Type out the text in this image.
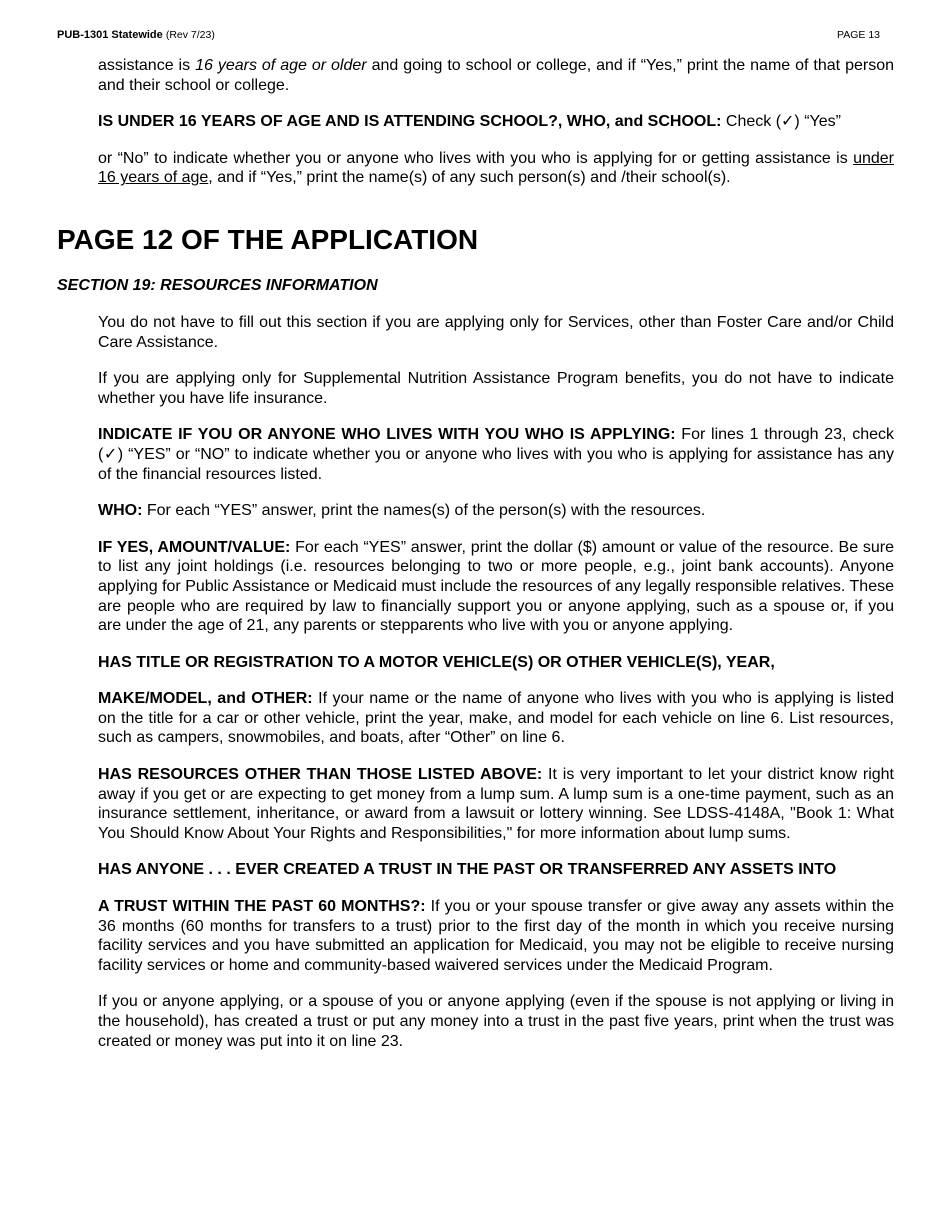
PUB-1301 Statewide (Rev 7/23)	PAGE 13

assistance is 16 years of age or older and going to school or college, and if “Yes,” print the name of that person and their school or college.

IS UNDER 16 YEARS OF AGE AND IS ATTENDING SCHOOL?, WHO, and SCHOOL: Check (✓) “Yes”

or “No” to indicate whether you or anyone who lives with you who is applying for or getting assistance is under 16 years of age, and if “Yes,” print the name(s) of any such person(s) and /their school(s).

PAGE 12 OF THE APPLICATION
SECTION 19: RESOURCES INFORMATION

You do not have to fill out this section if you are applying only for Services, other than Foster Care and/or Child Care Assistance.

If you are applying only for Supplemental Nutrition Assistance Program benefits, you do not have to indicate whether you have life insurance.

INDICATE IF YOU OR ANYONE WHO LIVES WITH YOU WHO IS APPLYING: For lines 1 through 23, check (✓) “YES” or “NO” to indicate whether you or anyone who lives with you who is applying for assistance has any of the financial resources listed.

WHO: For each “YES” answer, print the names(s) of the person(s) with the resources.

IF YES, AMOUNT/VALUE: For each “YES” answer, print the dollar ($) amount or value of the resource. Be sure to list any joint holdings (i.e. resources belonging to two or more people, e.g., joint bank accounts). Anyone applying for Public Assistance or Medicaid must include the resources of any legally responsible relatives. These are people who are required by law to financially support you or anyone applying, such as a spouse or, if you are under the age of 21, any parents or stepparents who live with you or anyone applying.

HAS TITLE OR REGISTRATION TO A MOTOR VEHICLE(S) OR OTHER VEHICLE(S), YEAR,

MAKE/MODEL, and OTHER: If your name or the name of anyone who lives with you who is applying is listed on the title for a car or other vehicle, print the year, make, and model for each vehicle on line 6. List resources, such as campers, snowmobiles, and boats, after “Other” on line 6.

HAS RESOURCES OTHER THAN THOSE LISTED ABOVE: It is very important to let your district know right away if you get or are expecting to get money from a lump sum. A lump sum is a one-time payment, such as an insurance settlement, inheritance, or award from a lawsuit or lottery winning. See LDSS-4148A, "Book 1: What You Should Know About Your Rights and Responsibilities," for more information about lump sums.

HAS ANYONE . . . EVER CREATED A TRUST IN THE PAST OR TRANSFERRED ANY ASSETS INTO

A TRUST WITHIN THE PAST 60 MONTHS?: If you or your spouse transfer or give away any assets within the 36 months (60 months for transfers to a trust) prior to the first day of the month in which you receive nursing facility services and you have submitted an application for Medicaid, you may not be eligible to receive nursing facility services or home and community-based waivered services under the Medicaid Program.

If you or anyone applying, or a spouse of you or anyone applying (even if the spouse is not applying or living in the household), has created a trust or put any money into a trust in the past five years, print when the trust was created or money was put into it on line 23.
